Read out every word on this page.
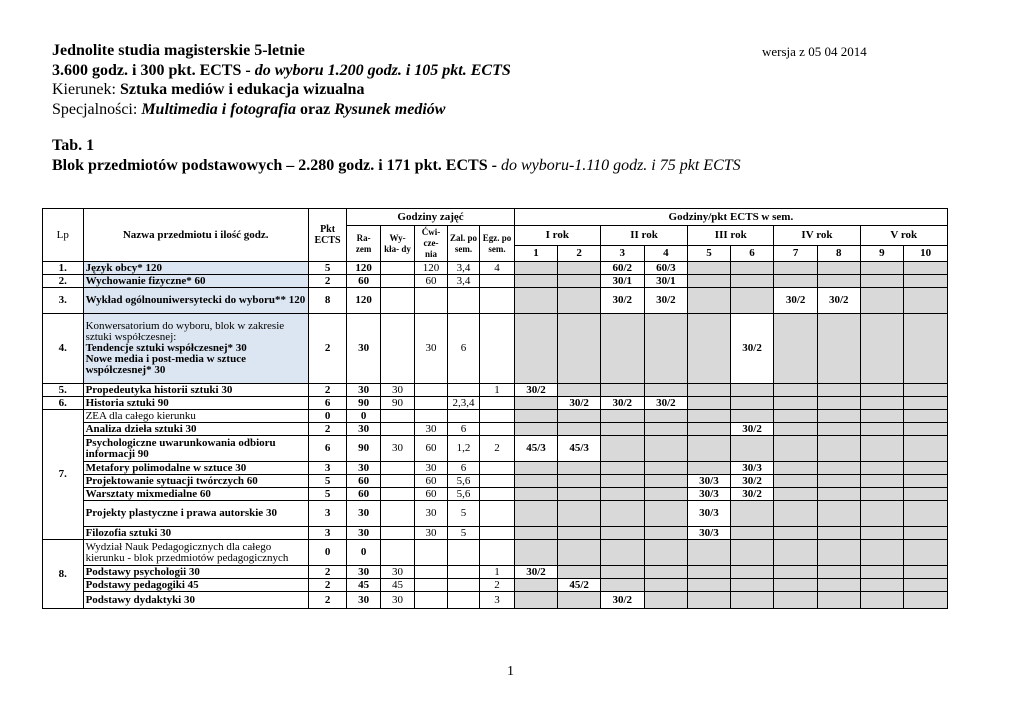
Jednolite studia magisterskie 5-letnie	wersja z 05 04 2014
3.600 godz. i 300 pkt. ECTS - do wyboru 1.200 godz. i 105 pkt. ECTS
Kierunek: Sztuka mediów i edukacja wizualna
Specjalności: Multimedia i fotografia oraz Rysunek mediów
Tab. 1
Blok przedmiotów podstawowych – 2.280 godz. i 171 pkt. ECTS - do wyboru-1.110 godz. i 75 pkt ECTS
Lp	Nazwa przedmiotu i ilość godz.	Pkt ECTS	Godziny zajęć					Godziny/pkt ECTS w sem.									
			Ra- zem	Wy- kła- dy	Ćwi- cze- nia	Zal. po sem.	Egz. po sem.	I rok		II rok		III rok		IV rok		V rok	
								1	2	3	4	5	6	7	8	9	10
1.	Język obcy* 120	5	120		120	3,4	4			60/2	60/3						
2.	Wychowanie fizyczne* 60	2	60		60	3,4				30/1	30/1						
3.	Wykład ogólnouniwersytecki do wyboru** 120	8	120							30/2	30/2			30/2	30/2		
4.	Konwersatorium do wyboru, blok w zakresie sztuki współczesnej:
Tendencje sztuki współczesnej* 30
Nowe media i post-media w sztuce współczesnej* 30	2	30		30	6							30/2				
5.	Propedeutyka historii sztuki 30	2	30	30			1	30/2									
6.	Historia sztuki 90	6	90	90		2,3,4			30/2	30/2	30/2						
7.	ZEA dla całego kierunku	0	0														
	Analiza dzieła sztuki 30	2	30		30	6							30/2				
	Psychologiczne uwarunkowania odbioru informacji 90	6	90	30	60	1,2	2	45/3	45/3								
	Metafory polimodalne w sztuce 30	3	30		30	6							30/3				
	Projektowanie sytuacji twórczych 60	5	60		60	5,6						30/3	30/2				
	Warsztaty mixmedialne 60	5	60		60	5,6						30/3	30/2				
	Projekty plastyczne i prawa autorskie 30	3	30		30	5						30/3					
	Filozofia sztuki 30	3	30		30	5						30/3					
8.	Wydział Nauk Pedagogicznych dla całego kierunku - blok przedmiotów pedagogicznych	0	0														
	Podstawy psychologii 30	2	30	30			1	30/2									
	Podstawy pedagogiki 45	2	45	45			2		45/2								
	Podstawy dydaktyki 30	2	30	30			3			30/2							
1
